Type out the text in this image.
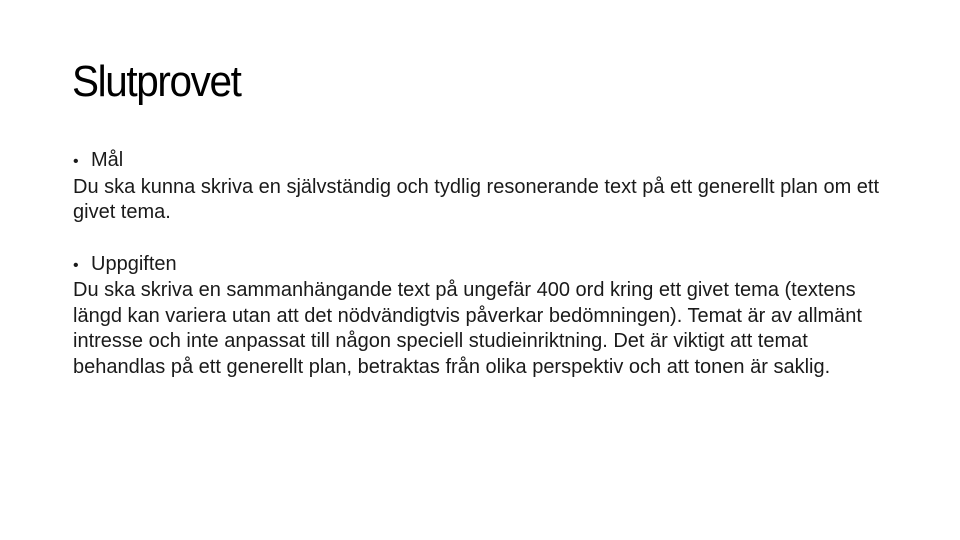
Slutprovet
• Mål

Du ska kunna skriva en självständig och tydlig resonerande text på ett generellt plan om ett givet tema.

• Uppgiften

Du ska skriva en sammanhängande text på ungefär 400 ord kring ett givet tema (textens längd kan variera utan att det nödvändigtvis påverkar bedömningen). Temat är av allmänt intresse och inte anpassat till någon speciell studieinriktning. Det är viktigt att temat behandlas på ett generellt plan, betraktas från olika perspektiv och att tonen är saklig.
